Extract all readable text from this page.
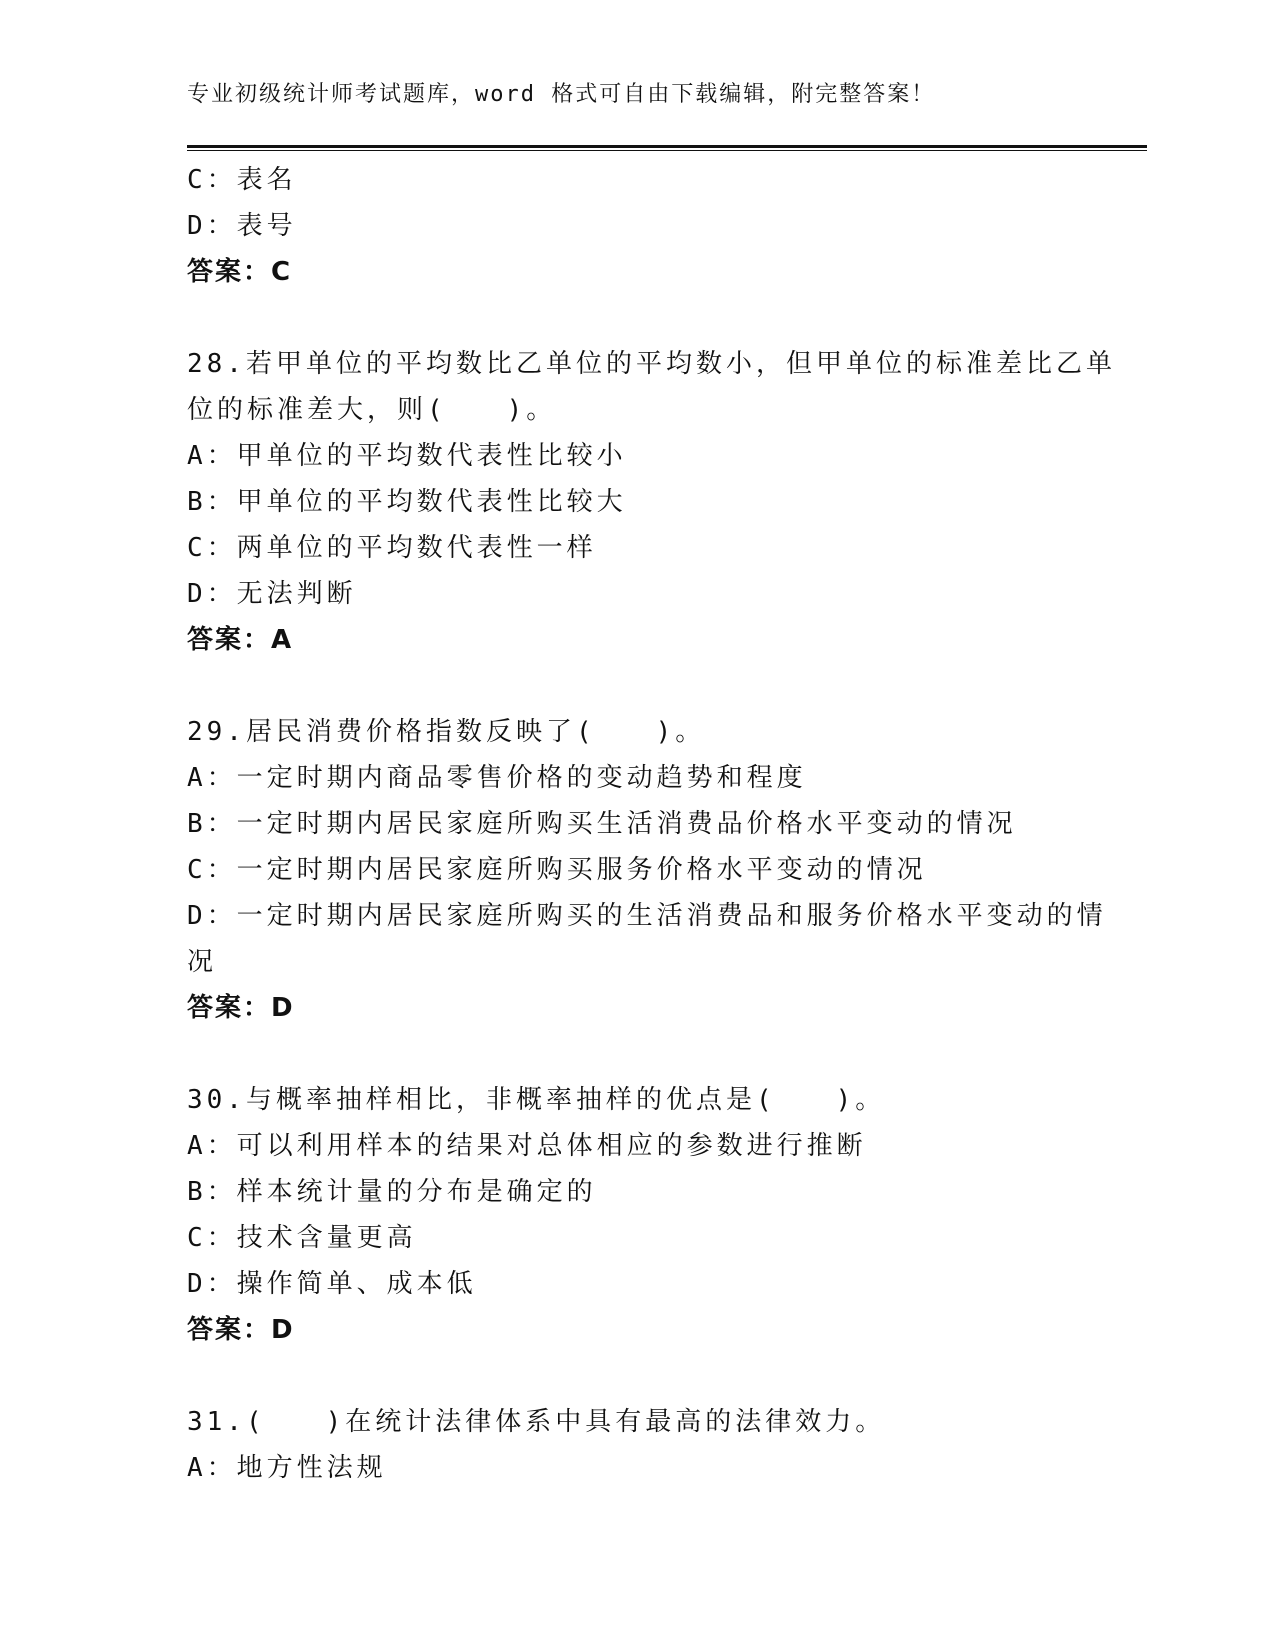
专业初级统计师考试题库，word 格式可自由下载编辑，附完整答案！
C：表名
D：表号
答案：C
28.若甲单位的平均数比乙单位的平均数小，但甲单位的标准差比乙单
位的标准差大，则(　　)。
A：甲单位的平均数代表性比较小
B：甲单位的平均数代表性比较大
C：两单位的平均数代表性一样
D：无法判断
答案：A
29.居民消费价格指数反映了(　　)。
A：一定时期内商品零售价格的变动趋势和程度
B：一定时期内居民家庭所购买生活消费品价格水平变动的情况
C：一定时期内居民家庭所购买服务价格水平变动的情况
D：一定时期内居民家庭所购买的生活消费品和服务价格水平变动的情
况
答案：D
30.与概率抽样相比，非概率抽样的优点是(　　)。
A：可以利用样本的结果对总体相应的参数进行推断
B：样本统计量的分布是确定的
C：技术含量更高
D：操作简单、成本低
答案：D
31.(　　)在统计法律体系中具有最高的法律效力。
A：地方性法规
